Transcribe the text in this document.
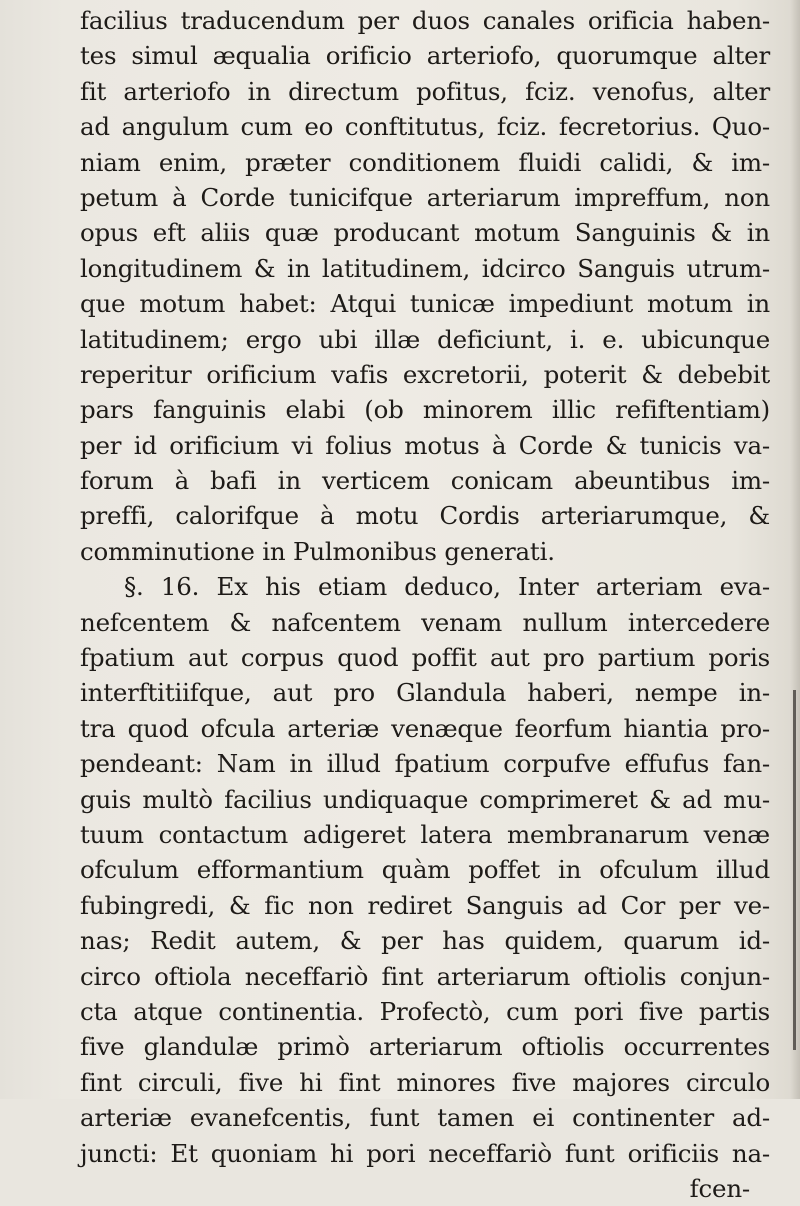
facilius traducendum per duos canales orificia haben-
tes simul æqualia orificio arteriofo, quorumque alter
fit arteriofo in directum pofitus, fciz. venofus, alter
ad angulum cum eo conftitutus, fciz. fecretorius. Quo-
niam enim, præter conditionem fluidi calidi, & im-
petum à Corde tunicifque arteriarum impreffum, non
opus eft aliis quæ producant motum Sanguinis & in
longitudinem & in latitudinem, idcirco Sanguis utrum-
que motum habet: Atqui tunicæ impediunt motum in
latitudinem; ergo ubi illæ deficiunt, i. e. ubicunque
reperitur orificium vafis excretorii, poterit & debebit
pars fanguinis elabi (ob minorem illic refiftentiam)
per id orificium vi folius motus à Corde & tunicis va-
forum à bafi in verticem conicam abeuntibus im-
preffi, calorifque à motu Cordis arteriarumque, &
comminutione in Pulmonibus generati.
§. 16. Ex his etiam deduco, Inter arteriam eva-
nefcentem & nafcentem venam nullum intercedere
fpatium aut corpus quod poffit aut pro partium poris
interftitiifque, aut pro Glandula haberi, nempe in-
tra quod ofcula arteriæ venæque feorfum hiantia pro-
pendeant: Nam in illud fpatium corpufve effufus fan-
guis multò facilius undiquaque comprimeret & ad mu-
tuum contactum adigeret latera membranarum venæ
ofculum efformantium quàm poffet in ofculum illud
fubingredi, & fic non rediret Sanguis ad Cor per ve-
nas; Redit autem, & per has quidem, quarum id-
circo oftiola neceffariò fint arteriarum oftiolis conjun-
cta atque continentia. Profectò, cum pori five partis
five glandulæ primò arteriarum oftiolis occurrentes
fint circuli, five hi fint minores five majores circulo
arteriæ evanefcentis, funt tamen ei continenter ad-
juncti: Et quoniam hi pori neceffariò funt orificiis na-
fcen-
